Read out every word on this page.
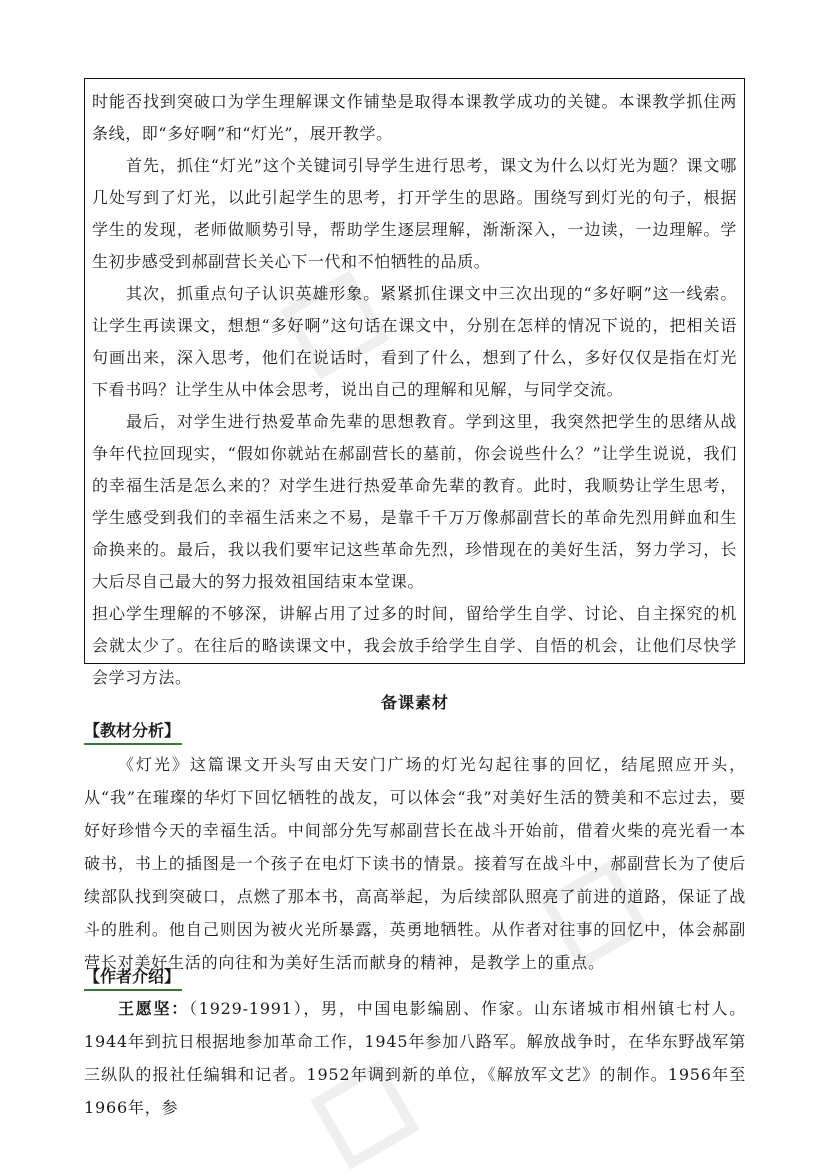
时能否找到突破口为学生理解课文作铺垫是取得本课教学成功的关键。本课教学抓住两条线，即“多好啊”和“灯光”，展开教学。

首先，抓住“灯光”这个关键词引导学生进行思考，课文为什么以灯光为题？课文哪几处写到了灯光，以此引起学生的思考，打开学生的思路。围绕写到灯光的句子，根据学生的发现，老师做顺势引导，帮助学生逐层理解，渐渐深入，一边读，一边理解。学生初步感受到郝副营长关心下一代和不怕牺牲的品质。

其次，抓重点句子认识英雄形象。紧紧抓住课文中三次出现的“多好啊”这一线索。让学生再读课文，想想“多好啊”这句话在课文中，分别在怎样的情况下说的，把相关语句画出来，深入思考，他们在说话时，看到了什么，想到了什么，多好仅仅是指在灯光下看书吗？让学生从中体会思考，说出自己的理解和见解，与同学交流。

最后，对学生进行热爱革命先辈的思想教育。学到这里，我突然把学生的思绪从战争年代拉回现实，“假如你就站在郝副营长的墓前，你会说些什么？”让学生说说，我们的幸福生活是怎么来的？对学生进行热爱革命先辈的教育。此时，我顺势让学生思考，学生感受到我们的幸福生活来之不易，是靠千千万万像郝副营长的革命先烈用鲜血和生命换来的。最后，我以我们要牢记这些革命先烈，珍惜现在的美好生活，努力学习，长大后尽自己最大的努力报效祖国结束本堂课。

担心学生理解的不够深，讲解占用了过多的时间，留给学生自学、讨论、自主探究的机会就太少了。在往后的略读课文中，我会放手给学生自学、自悟的机会，让他们尽快学会学习方法。

备课素材
【教材分析】

《灯光》这篇课文开头写由天安门广场的灯光勾起往事的回忆，结尾照应开头，从“我”在璀璨的华灯下回忆牺牲的战友，可以体会“我”对美好生活的赞美和不忘过去，要好好珍惜今天的幸福生活。中间部分先写郝副营长在战斗开始前，借着火柴的亮光看一本破书，书上的插图是一个孩子在电灯下读书的情景。接着写在战斗中，郝副营长为了使后续部队找到突破口，点燃了那本书，高高举起，为后续部队照亮了前进的道路，保证了战斗的胜利。他自己则因为被火光所暴露，英勇地牺牲。从作者对往事的回忆中，体会郝副营长对美好生活的向往和为美好生活而献身的精神，是教学上的重点。

【作者介绍】

王愿坚：（1929-1991），男，中国电影编剧、作家。山东诸城市相州镇七村人。1944年到抗日根据地参加革命工作，1945年参加八路军。解放战争时，在华东野战军第三纵队的报社任编辑和记者。1952年调到新的单位，《解放军文艺》的制作。1956年至1966年，参
